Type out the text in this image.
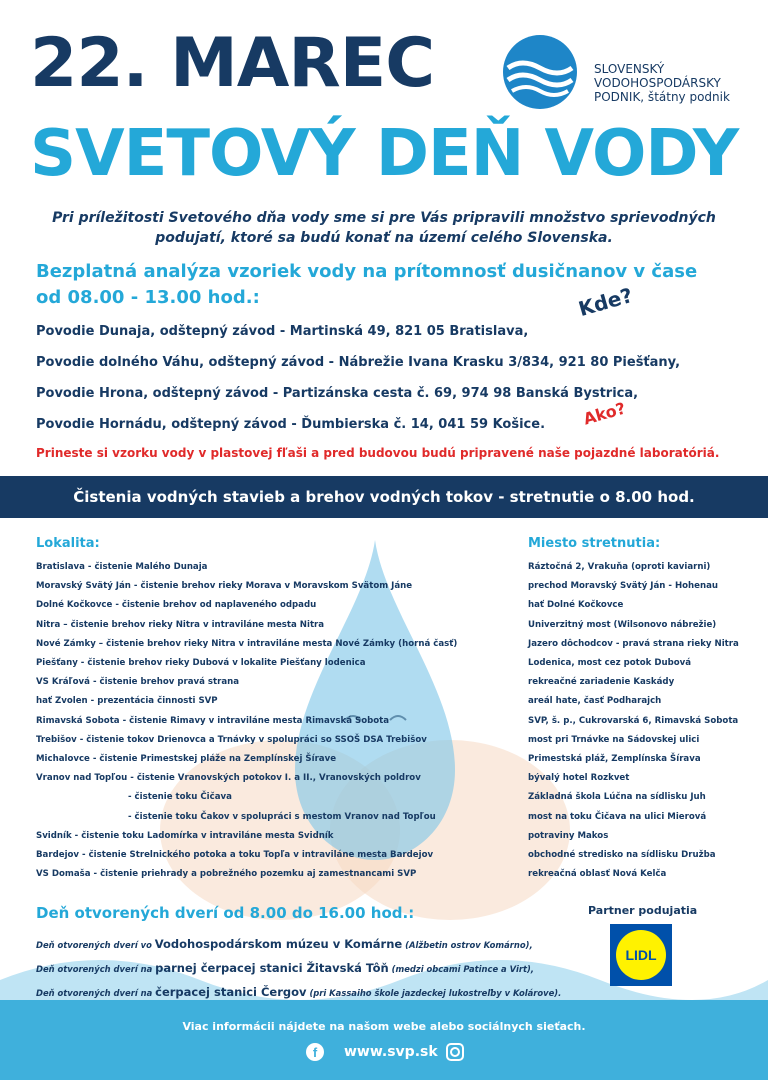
22. MAREC
SVETOVÝ DEŇ VODY
SLOVENSKÝ
VODOHOSPODÁRSKY
PODNIK, štátny podnik
Pri príležitosti Svetového dňa vody sme si pre Vás pripravili množstvo sprievodných
podujatí, ktoré sa budú konať na území celého Slovenska.
Bezplatná analýza vzoriek vody na prítomnosť dusičnanov v čase
od 08.00 - 13.00 hod.:
Povodie Dunaja, odštepný závod - Martinská 49, 821 05 Bratislava,
Povodie dolného Váhu, odštepný závod - Nábrežie Ivana Krasku 3/834, 921 80 Piešťany,
Povodie Hrona, odštepný závod - Partizánska cesta č. 69, 974 98 Banská Bystrica,
Povodie Hornádu, odštepný závod - Ďumbierska č. 14, 041 59 Košice.
Kde?
Ako?
Prineste si vzorku vody v plastovej fľaši a pred budovou budú pripravené naše pojazdné laboratóriá.
Čistenia vodných stavieb a brehov vodných tokov - stretnutie o 8.00 hod.
Lokalita:	Miesto stretnutia:
Bratislava - čistenie Malého Dunaja
Moravský Svätý Ján - čistenie brehov rieky Morava v Moravskom Svätom Jáne
Dolné Kočkovce - čistenie brehov od naplaveného odpadu
Nitra – čistenie brehov rieky Nitra v intraviláne mesta Nitra
Nové Zámky – čistenie brehov rieky Nitra v intraviláne mesta Nové Zámky (horná časť)
Piešťany - čistenie brehov rieky Dubová v lokalite Piešťany lodenica
VS Kráľová - čistenie brehov pravá strana
hať Zvolen - prezentácia činnosti SVP
Rimavská Sobota - čistenie Rimavy v intraviláne mesta Rimavská Sobota
Trebišov - čistenie tokov Drienovca a Trnávky v spolupráci so SSOŠ DSA Trebišov
Michalovce - čistenie Primestskej pláže na Zemplínskej Šírave
Vranov nad Topľou - čistenie Vranovských potokov I. a II., Vranovských poldrov
- čistenie toku Čičava
- čistenie toku Čakov v spolupráci s mestom Vranov nad Topľou
Svidník - čistenie toku Ladomírka v intraviláne mesta Svidník
Bardejov - čistenie Strelnického potoka a toku Topľa v intraviláne mesta Bardejov
VS Domaša - čistenie priehrady a pobrežného pozemku aj zamestnancami SVP
Ráztočná 2, Vrakuňa (oproti kaviarni)
prechod Moravský Svätý Ján - Hohenau
hať Dolné Kočkovce
Univerzitný most (Wilsonovo nábrežie)
Jazero dôchodcov - pravá strana rieky Nitra
Lodenica, most cez potok Dubová
rekreačné zariadenie Kaskády
areál hate, časť Podharajch
SVP, š. p., Cukrovarská 6, Rimavská Sobota
most pri Trnávke na Sádovskej ulici
Primestská pláž, Zemplínska Šírava
bývalý hotel Rozkvet
Základná škola Lúčna na sídlisku Juh
most na toku Čičava na ulici Mierová
potraviny Makos
obchodné stredisko na sídlisku Družba
rekreačná oblasť Nová Kelča
Deň otvorených dverí od 8.00 do 16.00 hod.:
Deň otvorených dverí vo Vodohospodárskom múzeu v Komárne (Alžbetin ostrov Komárno),
Deň otvorených dverí na parnej čerpacej stanici Žitavská Tôň (medzi obcami Patince a Virt),
Deň otvorených dverí na čerpacej stanici Čergov (pri Kassaiho škole jazdeckej lukostreľby v Kolárove).
Partner podujatia
LIDL
Viac informácii nájdete na našom webe alebo sociálnych sieťach.
f www.svp.sk
